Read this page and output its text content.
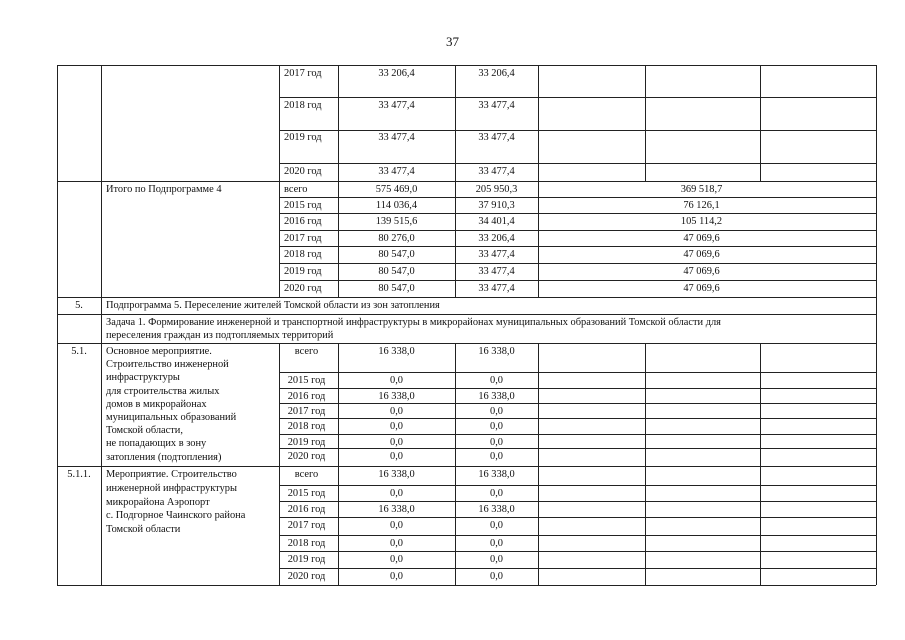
37
2017 год	33 206,4	33 206,4
2018 год	33 477,4	33 477,4
2019 год	33 477,4	33 477,4
2020 год	33 477,4	33 477,4
Итого по Подпрограмме 4	всего	575 469,0	205 950,3	369 518,7
2015 год	114 036,4	37 910,3	76 126,1
2016 год	139 515,6	34 401,4	105 114,2
2017 год	80 276,0	33 206,4	47 069,6
2018 год	80 547,0	33 477,4	47 069,6
2019 год	80 547,0	33 477,4	47 069,6
2020 год	80 547,0	33 477,4	47 069,6
5.	Подпрограмма 5. Переселение жителей Томской области из зон затопления
Задача 1. Формирование инженерной и транспортной инфраструктуры в микрорайонах муниципальных образований Томской области для
переселения граждан из подтопляемых территорий
5.1.	Основное мероприятие.
Строительство инженерной
инфраструктуры
для строительства жилых
домов в микрорайонах
муниципальных образований
Томской области,
не попадающих в зону
затопления (подтопления)
всего	16 338,0	16 338,0
2015 год	0,0	0,0
2016 год	16 338,0	16 338,0
2017 год	0,0	0,0
2018 год	0,0	0,0
2019 год	0,0	0,0
2020 год	0,0	0,0
5.1.1.	Мероприятие. Строительство
инженерной инфраструктуры
микрорайона Аэропорт
с. Подгорное Чаинского района
Томской области
всего	16 338,0	16 338,0
2015 год	0,0	0,0
2016 год	16 338,0	16 338,0
2017 год	0,0	0,0
2018 год	0,0	0,0
2019 год	0,0	0,0
2020 год	0,0	0,0
